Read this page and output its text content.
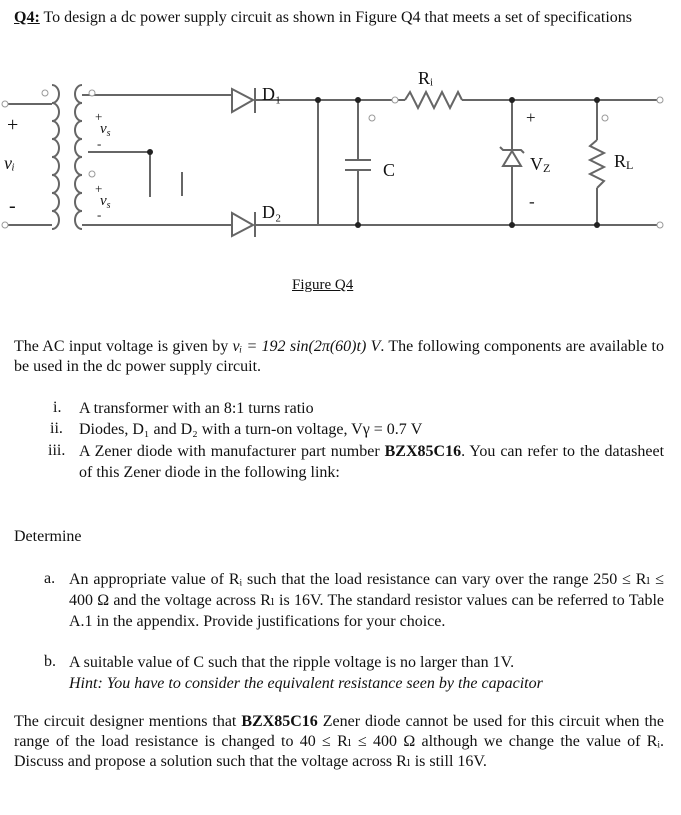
Q4: To design a dc power supply circuit as shown in Figure Q4 that meets a set of specifications
D₁
D₂
Rᵢ
C
vᵢ	VZ	RL
+
-
+
-
+
$v_s$
-
+
$v_s$
-
Figure Q4
The AC input voltage is given by vᵢ = 192 sin(2π(60)t) V. The following components are available to be used in the dc power supply circuit.
i. A transformer with an 8:1 turns ratio
ii. Diodes, D₁ and D₂ with a turn-on voltage, Vγ = 0.7 V
iii. A Zener diode with manufacturer part number BZX85C16. You can refer to the datasheet of this Zener diode in the following link:
Determine
a. An appropriate value of Rᵢ such that the load resistance can vary over the range 250 ≤ Rₗ ≤ 400 Ω and the voltage across Rₗ is 16V. The standard resistor values can be referred to Table A.1 in the appendix. Provide justifications for your choice.
b. A suitable value of C such that the ripple voltage is no larger than 1V.
Hint: You have to consider the equivalent resistance seen by the capacitor
The circuit designer mentions that BZX85C16 Zener diode cannot be used for this circuit when the range of the load resistance is changed to 40 ≤ Rₗ ≤ 400 Ω although we change the value of Rᵢ. Discuss and propose a solution such that the voltage across Rₗ is still 16V.
